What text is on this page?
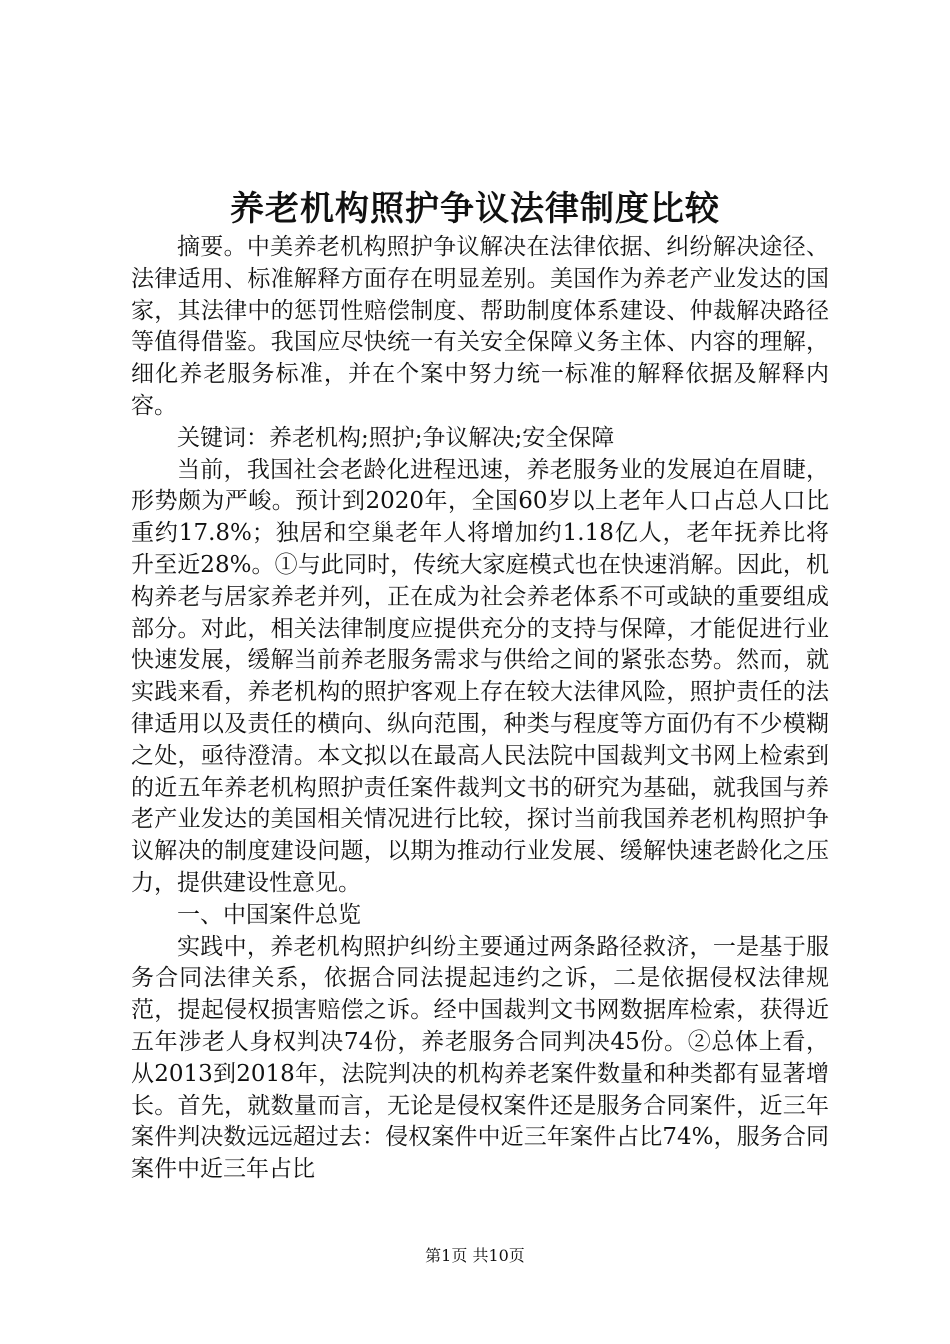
养老机构照护争议法律制度比较

摘要。中美养老机构照护争议解决在法律依据、纠纷解决途径、法律适用、标准解释方面存在明显差别。美国作为养老产业发达的国家，其法律中的惩罚性赔偿制度、帮助制度体系建设、仲裁解决路径等值得借鉴。我国应尽快统一有关安全保障义务主体、内容的理解，细化养老服务标准，并在个案中努力统一标准的解释依据及解释内容。

关键词：养老机构;照护;争议解决;安全保障

当前，我国社会老龄化进程迅速，养老服务业的发展迫在眉睫，形势颇为严峻。预计到2020年，全国60岁以上老年人口占总人口比重约17.8%；独居和空巢老年人将增加约1.18亿人，老年抚养比将升至近28%。①与此同时，传统大家庭模式也在快速消解。因此，机构养老与居家养老并列，正在成为社会养老体系不可或缺的重要组成部分。对此，相关法律制度应提供充分的支持与保障，才能促进行业快速发展，缓解当前养老服务需求与供给之间的紧张态势。然而，就实践来看，养老机构的照护客观上存在较大法律风险，照护责任的法律适用以及责任的横向、纵向范围，种类与程度等方面仍有不少模糊之处，亟待澄清。本文拟以在最高人民法院中国裁判文书网上检索到的近五年养老机构照护责任案件裁判文书的研究为基础，就我国与养老产业发达的美国相关情况进行比较，探讨当前我国养老机构照护争议解决的制度建设问题，以期为推动行业发展、缓解快速老龄化之压力，提供建设性意见。

一、中国案件总览

实践中，养老机构照护纠纷主要通过两条路径救济，一是基于服务合同法律关系，依据合同法提起违约之诉，二是依据侵权法律规范，提起侵权损害赔偿之诉。经中国裁判文书网数据库检索，获得近五年涉老人身权判决74份，养老服务合同判决45份。②总体上看，从2013到2018年，法院判决的机构养老案件数量和种类都有显著增长。首先，就数量而言，无论是侵权案件还是服务合同案件，近三年案件判决数远远超过去：侵权案件中近三年案件占比74%，服务合同案件中近三年占比

第1页 共10页
